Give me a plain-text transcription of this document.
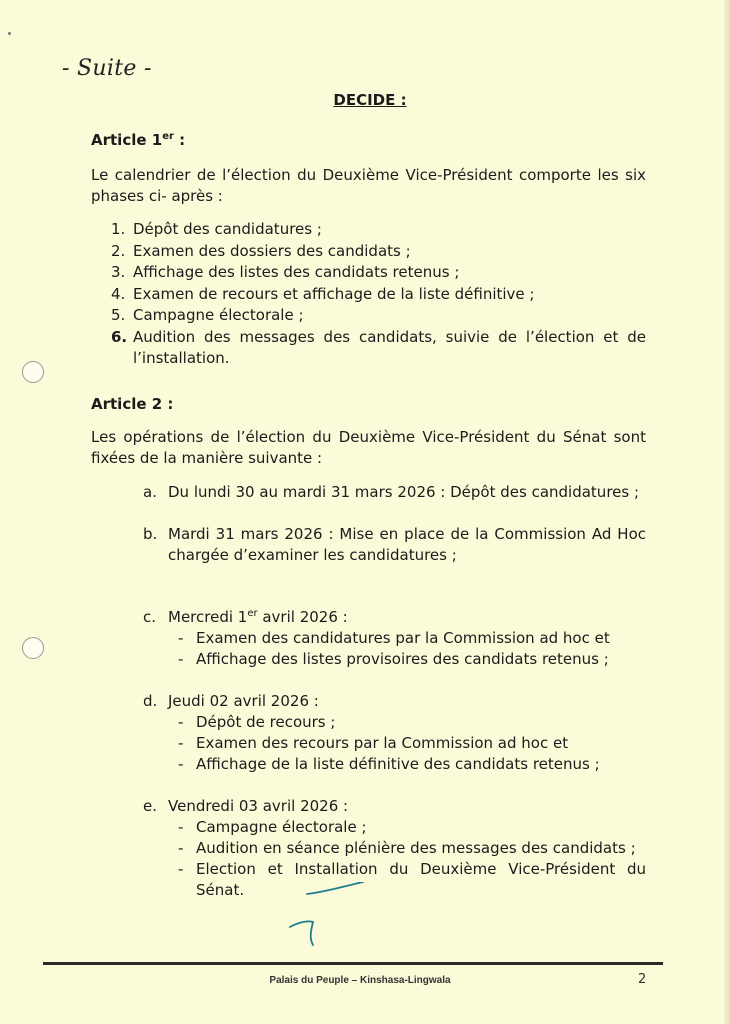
- Suite -
DECIDE :
Article 1er :
Le calendrier de l’élection du Deuxième Vice-Président comporte les six phases ci- après :
1. Dépôt des candidatures ;
2. Examen des dossiers des candidats ;
3. Affichage des listes des candidats retenus ;
4. Examen de recours et affichage de la liste définitive ;
5. Campagne électorale ;
6. Audition des messages des candidats, suivie de l’élection et de l’installation.
Article 2 :
Les opérations de l’élection du Deuxième Vice-Président du Sénat sont fixées de la manière suivante :
a. Du lundi 30 au mardi 31 mars 2026 : Dépôt des candidatures ;
b. Mardi 31 mars 2026 : Mise en place de la Commission Ad Hoc chargée d’examiner les candidatures ;
c. Mercredi 1er avril 2026 :
- Examen des candidatures par la Commission ad hoc et
- Affichage des listes provisoires des candidats retenus ;
d. Jeudi 02 avril 2026 :
- Dépôt de recours ;
- Examen des recours par la Commission ad hoc et
- Affichage de la liste définitive des candidats retenus ;
e. Vendredi 03 avril 2026 :
- Campagne électorale ;
- Audition en séance plénière des messages des candidats ;
- Election et Installation du Deuxième Vice-Président du Sénat.
Palais du Peuple – Kinshasa-Lingwala	2
